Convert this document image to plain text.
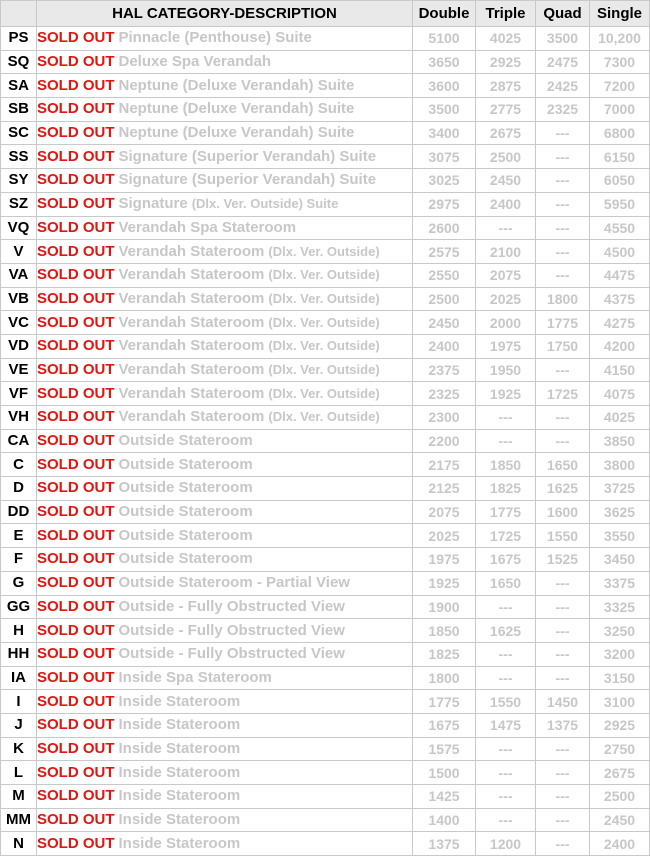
	HAL CATEGORY-DESCRIPTION	Double	Triple	Quad	Single
PS	SOLD OUT Pinnacle (Penthouse) Suite	5100	4025	3500	10,200
SQ	SOLD OUT Deluxe Spa Verandah	3650	2925	2475	7300
SA	SOLD OUT Neptune (Deluxe Verandah) Suite	3600	2875	2425	7200
SB	SOLD OUT Neptune (Deluxe Verandah) Suite	3500	2775	2325	7000
SC	SOLD OUT Neptune (Deluxe Verandah) Suite	3400	2675	---	6800
SS	SOLD OUT Signature (Superior Verandah) Suite	3075	2500	---	6150
SY	SOLD OUT Signature (Superior Verandah) Suite	3025	2450	---	6050
SZ	SOLD OUT Signature (Dlx. Ver. Outside) Suite	2975	2400	---	5950
VQ	SOLD OUT Verandah Spa Stateroom	2600	---	---	4550
V	SOLD OUT Verandah Stateroom (Dlx. Ver. Outside)	2575	2100	---	4500
VA	SOLD OUT Verandah Stateroom (Dlx. Ver. Outside)	2550	2075	---	4475
VB	SOLD OUT Verandah Stateroom (Dlx. Ver. Outside)	2500	2025	1800	4375
VC	SOLD OUT Verandah Stateroom (Dlx. Ver. Outside)	2450	2000	1775	4275
VD	SOLD OUT Verandah Stateroom (Dlx. Ver. Outside)	2400	1975	1750	4200
VE	SOLD OUT Verandah Stateroom (Dlx. Ver. Outside)	2375	1950	---	4150
VF	SOLD OUT Verandah Stateroom (Dlx. Ver. Outside)	2325	1925	1725	4075
VH	SOLD OUT Verandah Stateroom (Dlx. Ver. Outside)	2300	---	---	4025
CA	SOLD OUT Outside Stateroom	2200	---	---	3850
C	SOLD OUT Outside Stateroom	2175	1850	1650	3800
D	SOLD OUT Outside Stateroom	2125	1825	1625	3725
DD	SOLD OUT Outside Stateroom	2075	1775	1600	3625
E	SOLD OUT Outside Stateroom	2025	1725	1550	3550
F	SOLD OUT Outside Stateroom	1975	1675	1525	3450
G	SOLD OUT Outside Stateroom - Partial View	1925	1650	---	3375
GG	SOLD OUT Outside - Fully Obstructed View	1900	---	---	3325
H	SOLD OUT Outside - Fully Obstructed View	1850	1625	---	3250
HH	SOLD OUT Outside - Fully Obstructed View	1825	---	---	3200
IA	SOLD OUT Inside Spa Stateroom	1800	---	---	3150
I	SOLD OUT Inside Stateroom	1775	1550	1450	3100
J	SOLD OUT Inside Stateroom	1675	1475	1375	2925
K	SOLD OUT Inside Stateroom	1575	---	---	2750
L	SOLD OUT Inside Stateroom	1500	---	---	2675
M	SOLD OUT Inside Stateroom	1425	---	---	2500
MM	SOLD OUT Inside Stateroom	1400	---	---	2450
N	SOLD OUT Inside Stateroom	1375	1200	---	2400
